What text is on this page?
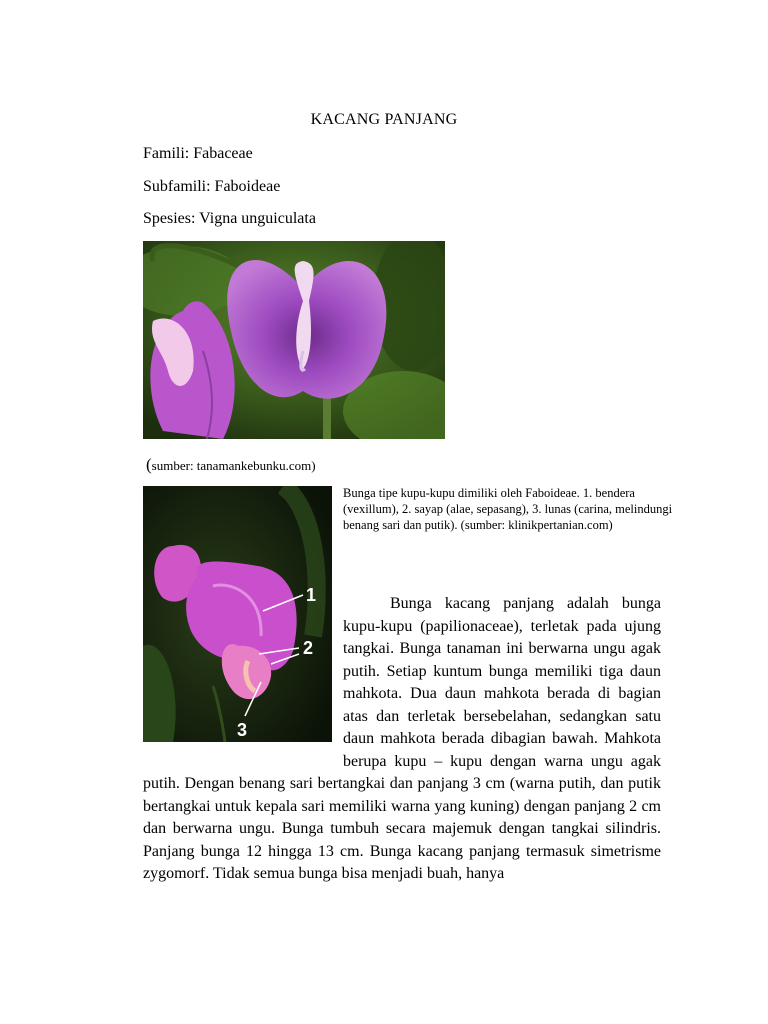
KACANG PANJANG
Famili: Fabaceae
Subfamili: Faboideae
Spesies: Vigna unguiculata
(sumber: tanamankebunku.com)
1
2
3
Bunga tipe kupu-kupu dimiliki oleh Faboideae. 1. bendera (vexillum), 2. sayap (alae, sepasang), 3. lunas (carina, melindungi benang sari dan putik). (sumber: klinikpertanian.com)
Bunga kacang panjang adalah bunga kupu-kupu (papilionaceae), terletak pada ujung tangkai. Bunga tanaman ini berwarna ungu agak putih. Setiap kuntum bunga memiliki tiga daun mahkota. Dua daun mahkota berada di bagian atas dan terletak bersebelahan, sedangkan satu daun mahkota berada dibagian bawah. Mahkota berupa kupu – kupu dengan warna ungu agak putih. Dengan benang sari bertangkai dan panjang 3 cm (warna putih, dan putik bertangkai untuk kepala sari memiliki warna yang kuning) dengan panjang 2 cm dan berwarna ungu. Bunga tumbuh secara majemuk dengan tangkai silindris. Panjang bunga 12 hingga 13 cm. Bunga kacang panjang termasuk simetrisme zygomorf. Tidak semua bunga bisa menjadi buah, hanya
